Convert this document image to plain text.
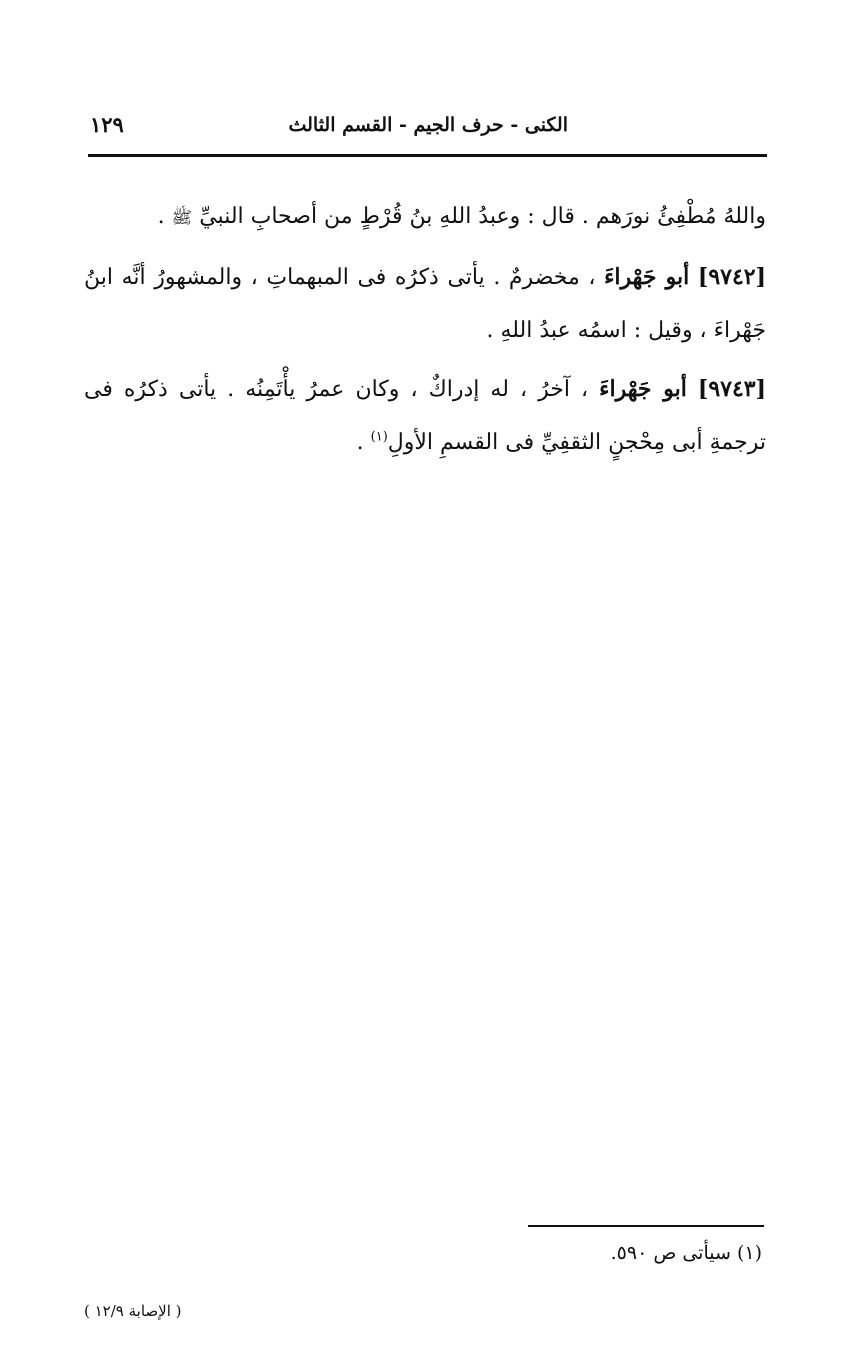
١٢٩	الكنى - حرف الجيم - القسم الثالث

واللهُ مُطْفِئُ نورَهم . قال : وعبدُ اللهِ بنُ قُرْطٍ من أصحابِ النبيِّ ﷺ .

[٩٧٤٢] أبو جَهْراءَ ، مخضرمٌ . يأتى ذكرُه فى المبهماتِ ، والمشهورُ أنَّه ابنُ جَهْراءَ ، وقيل : اسمُه عبدُ اللهِ .

[٩٧٤٣] أبو جَهْراءَ ، آخرُ ، له إدراكٌ ، وكان عمرُ يأْتَمِنُه . يأتى ذكرُه فى ترجمةِ أبى مِحْجنٍ الثقفِيِّ فى القسمِ الأولِ$^{(١)}$ .

(١) سيأتى ص ٥٩٠.
( الإصابة ١٢/٩ )
